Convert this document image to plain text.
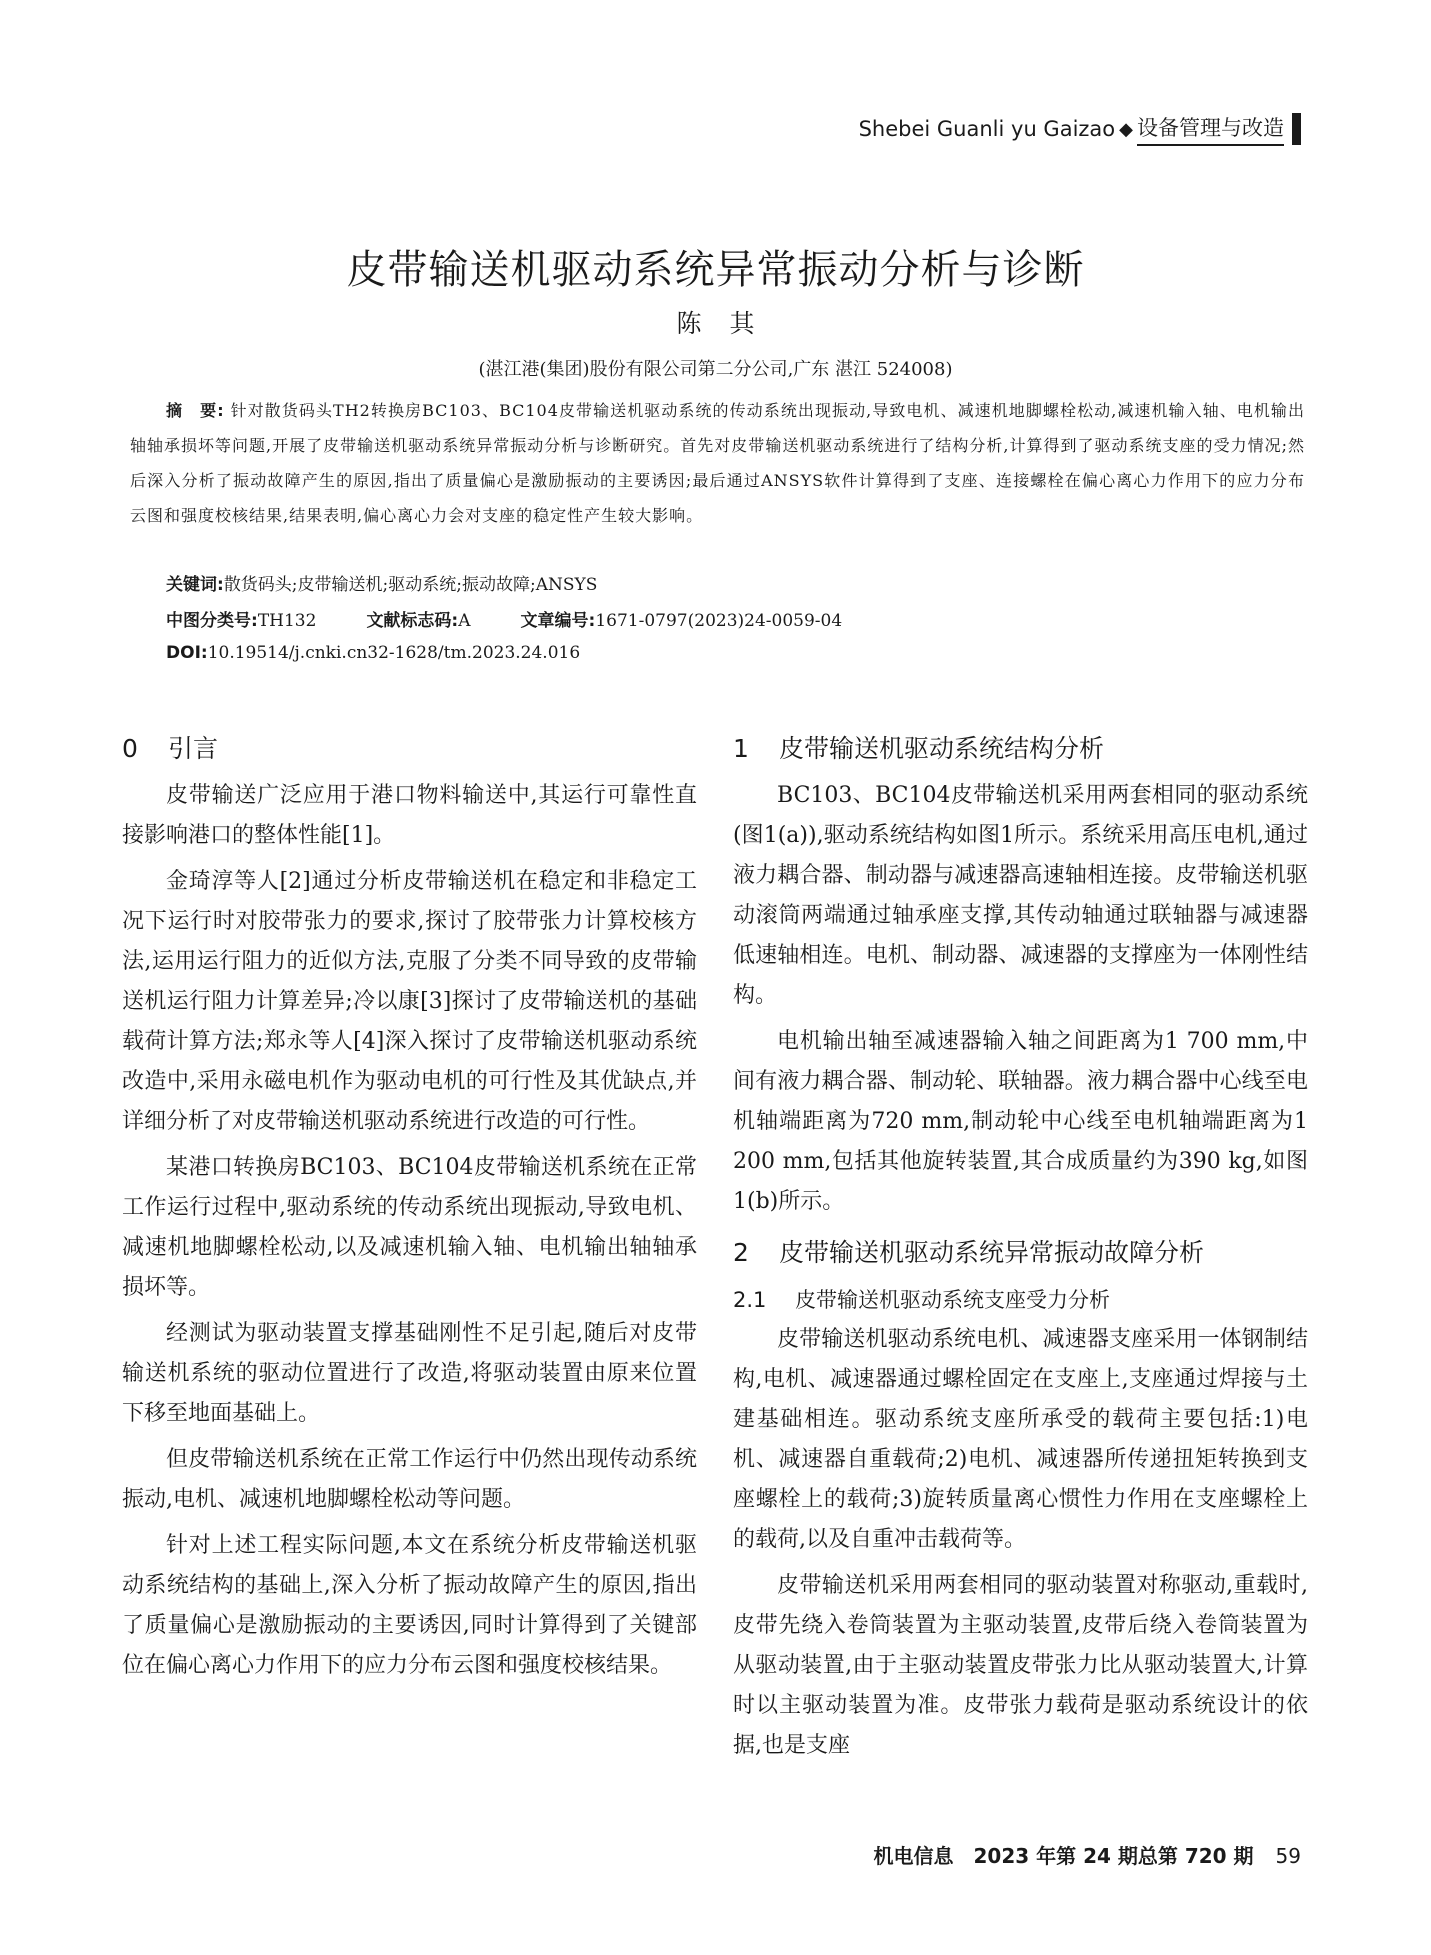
Shebei Guanli yu Gaizao ◆ 设备管理与改造
皮带输送机驱动系统异常振动分析与诊断
陈其
(湛江港(集团)股份有限公司第二分公司,广东 湛江 524008)
摘　要: 针对散货码头TH2转换房BC103、BC104皮带输送机驱动系统的传动系统出现振动,导致电机、减速机地脚螺栓松动,减速机输入轴、电机输出轴轴承损坏等问题,开展了皮带输送机驱动系统异常振动分析与诊断研究。首先对皮带输送机驱动系统进行了结构分析,计算得到了驱动系统支座的受力情况;然后深入分析了振动故障产生的原因,指出了质量偏心是激励振动的主要诱因;最后通过ANSYS软件计算得到了支座、连接螺栓在偏心离心力作用下的应力分布云图和强度校核结果,结果表明,偏心离心力会对支座的稳定性产生较大影响。
关键词:散货码头;皮带输送机;驱动系统;振动故障;ANSYS
中图分类号:TH132	文献标志码:A	文章编号:1671-0797(2023)24-0059-04
DOI:10.19514/j.cnki.cn32-1628/tm.2023.24.016
0 引言

皮带输送广泛应用于港口物料输送中,其运行可靠性直接影响港口的整体性能[1]。

金琦淳等人[2]通过分析皮带输送机在稳定和非稳定工况下运行时对胶带张力的要求,探讨了胶带张力计算校核方法,运用运行阻力的近似方法,克服了分类不同导致的皮带输送机运行阻力计算差异;冷以康[3]探讨了皮带输送机的基础载荷计算方法;郑永等人[4]深入探讨了皮带输送机驱动系统改造中,采用永磁电机作为驱动电机的可行性及其优缺点,并详细分析了对皮带输送机驱动系统进行改造的可行性。

某港口转换房BC103、BC104皮带输送机系统在正常工作运行过程中,驱动系统的传动系统出现振动,导致电机、减速机地脚螺栓松动,以及减速机输入轴、电机输出轴轴承损坏等。

经测试为驱动装置支撑基础刚性不足引起,随后对皮带输送机系统的驱动位置进行了改造,将驱动装置由原来位置下移至地面基础上。

但皮带输送机系统在正常工作运行中仍然出现传动系统振动,电机、减速机地脚螺栓松动等问题。

针对上述工程实际问题,本文在系统分析皮带输送机驱动系统结构的基础上,深入分析了振动故障产生的原因,指出了质量偏心是激励振动的主要诱因,同时计算得到了关键部位在偏心离心力作用下的应力分布云图和强度校核结果。

1 皮带输送机驱动系统结构分析

BC103、BC104皮带输送机采用两套相同的驱动系统(图1(a)),驱动系统结构如图1所示。系统采用高压电机,通过液力耦合器、制动器与减速器高速轴相连接。皮带输送机驱动滚筒两端通过轴承座支撑,其传动轴通过联轴器与减速器低速轴相连。电机、制动器、减速器的支撑座为一体刚性结构。

电机输出轴至减速器输入轴之间距离为1 700 mm,中间有液力耦合器、制动轮、联轴器。液力耦合器中心线至电机轴端距离为720 mm,制动轮中心线至电机轴端距离为1 200 mm,包括其他旋转装置,其合成质量约为390 kg,如图1(b)所示。

2 皮带输送机驱动系统异常振动故障分析
2.1 皮带输送机驱动系统支座受力分析

皮带输送机驱动系统电机、减速器支座采用一体钢制结构,电机、减速器通过螺栓固定在支座上,支座通过焊接与土建基础相连。驱动系统支座所承受的载荷主要包括:1)电机、减速器自重载荷;2)电机、减速器所传递扭矩转换到支座螺栓上的载荷;3)旋转质量离心惯性力作用在支座螺栓上的载荷,以及自重冲击载荷等。

皮带输送机采用两套相同的驱动装置对称驱动,重载时,皮带先绕入卷筒装置为主驱动装置,皮带后绕入卷筒装置为从驱动装置,由于主驱动装置皮带张力比从驱动装置大,计算时以主驱动装置为准。皮带张力载荷是驱动系统设计的依据,也是支座

机电信息　2023 年第 24 期总第 720 期 59
